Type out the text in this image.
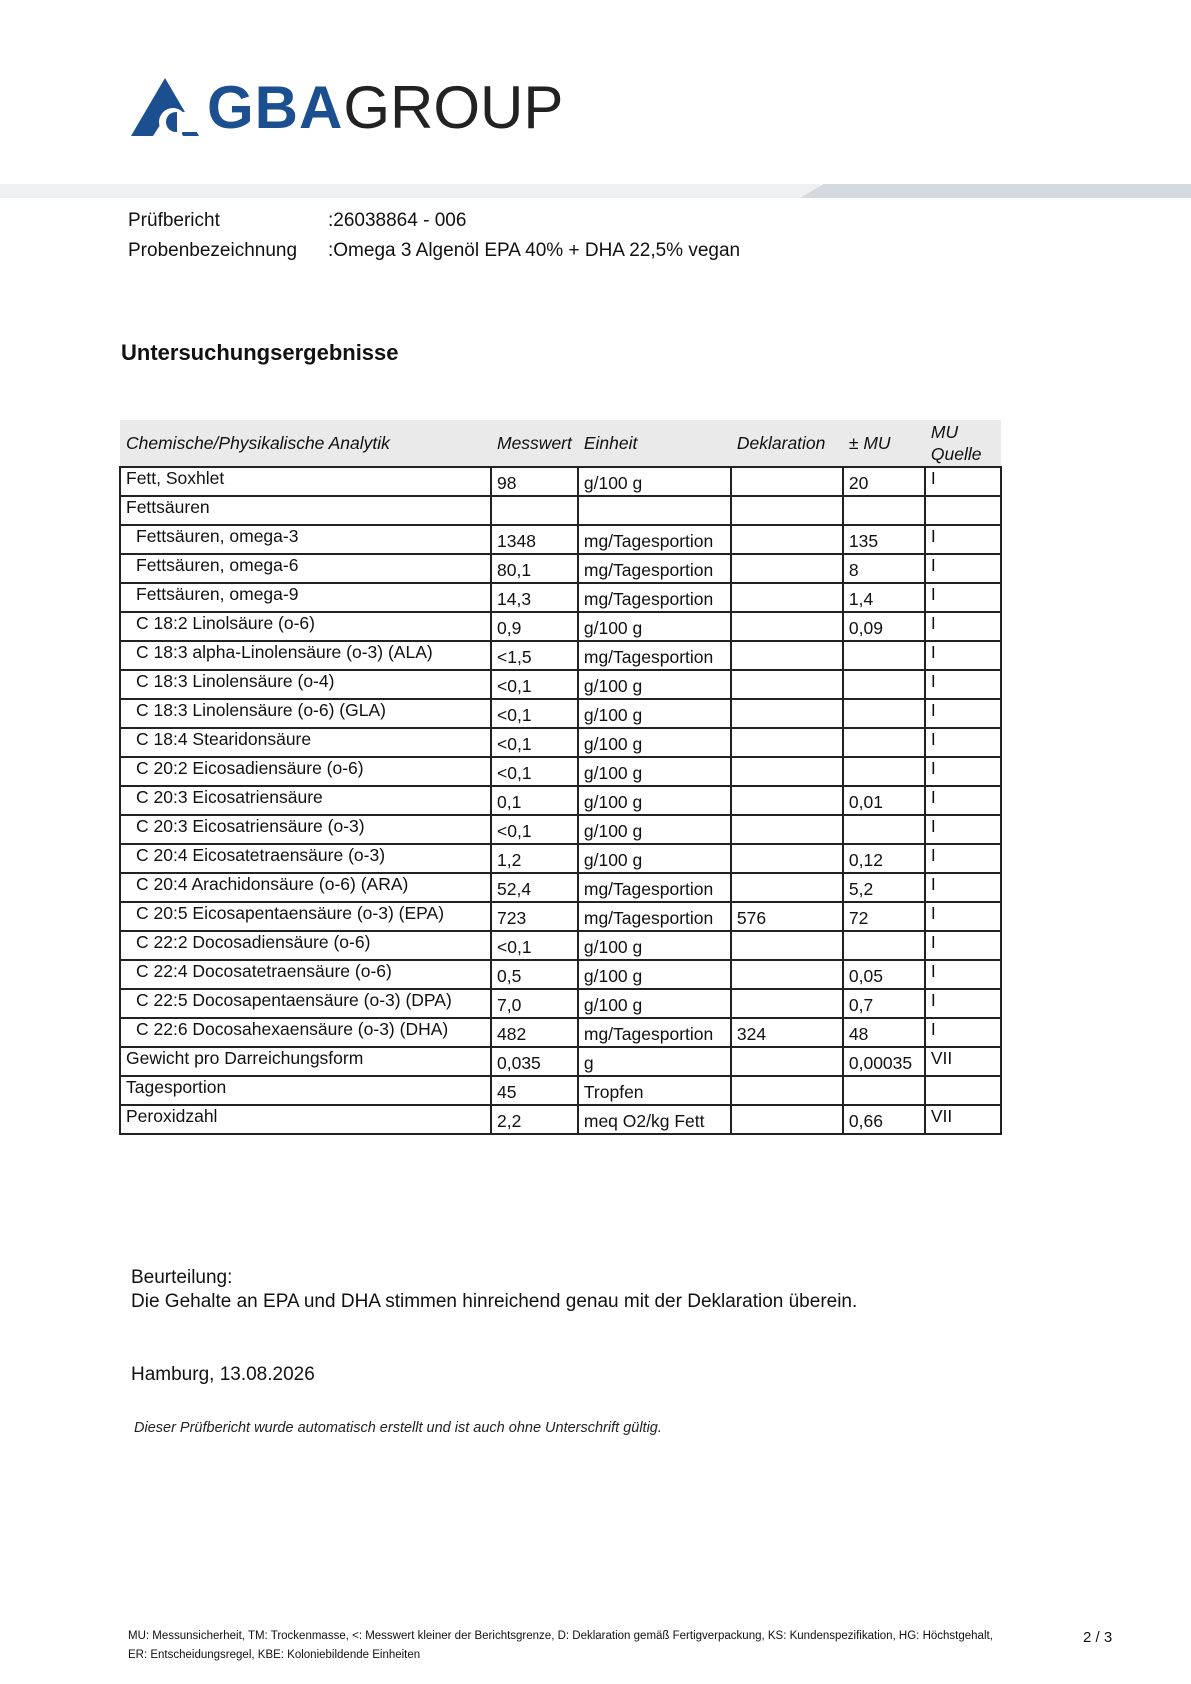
GBA GROUP
Prüfbericht	:26038864 - 006
Probenbezeichnung	:Omega 3 Algenöl EPA 40% + DHA 22,5% vegan
Untersuchungsergebnisse
Chemische/Physikalische Analytik	Messwert	Einheit	Deklaration	± MU	MU
Quelle

Fett, Soxhlet	98	g/100 g		20	I
Fettsäuren					
Fettsäuren, omega-3	1348	mg/Tagesportion		135	I
Fettsäuren, omega-6	80,1	mg/Tagesportion		8	I
Fettsäuren, omega-9	14,3	mg/Tagesportion		1,4	I
C 18:2 Linolsäure (o-6)	0,9	g/100 g		0,09	I
C 18:3 alpha-Linolensäure (o-3) (ALA)	<1,5	mg/Tagesportion			I
C 18:3 Linolensäure (o-4)	<0,1	g/100 g			I
C 18:3 Linolensäure (o-6) (GLA)	<0,1	g/100 g			I
C 18:4 Stearidonsäure	<0,1	g/100 g			I
C 20:2 Eicosadiensäure (o-6)	<0,1	g/100 g			I
C 20:3 Eicosatriensäure	0,1	g/100 g		0,01	I
C 20:3 Eicosatriensäure (o-3)	<0,1	g/100 g			I
C 20:4 Eicosatetraensäure (o-3)	1,2	g/100 g		0,12	I
C 20:4 Arachidonsäure (o-6) (ARA)	52,4	mg/Tagesportion		5,2	I
C 20:5 Eicosapentaensäure (o-3) (EPA)	723	mg/Tagesportion	576	72	I
C 22:2 Docosadiensäure (o-6)	<0,1	g/100 g			I
C 22:4 Docosatetraensäure (o-6)	0,5	g/100 g		0,05	I
C 22:5 Docosapentaensäure (o-3) (DPA)	7,0	g/100 g		0,7	I
C 22:6 Docosahexaensäure (o-3) (DHA)	482	mg/Tagesportion	324	48	I
Gewicht pro Darreichungsform	0,035	g		0,00035	VII
Tagesportion	45	Tropfen			
Peroxidzahl	2,2	meq O2/kg Fett		0,66	VII
Beurteilung:
Die Gehalte an EPA und DHA stimmen hinreichend genau mit der Deklaration überein.
Hamburg, 13.08.2026
Dieser Prüfbericht wurde automatisch erstellt und ist auch ohne Unterschrift gültig.
MU: Messunsicherheit, TM: Trockenmasse, <: Messwert kleiner der Berichtsgrenze, D: Deklaration gemäß Fertigverpackung, KS: Kundenspezifikation, HG: Höchstgehalt,
ER: Entscheidungsregel, KBE: Koloniebildende Einheiten
2 / 3
